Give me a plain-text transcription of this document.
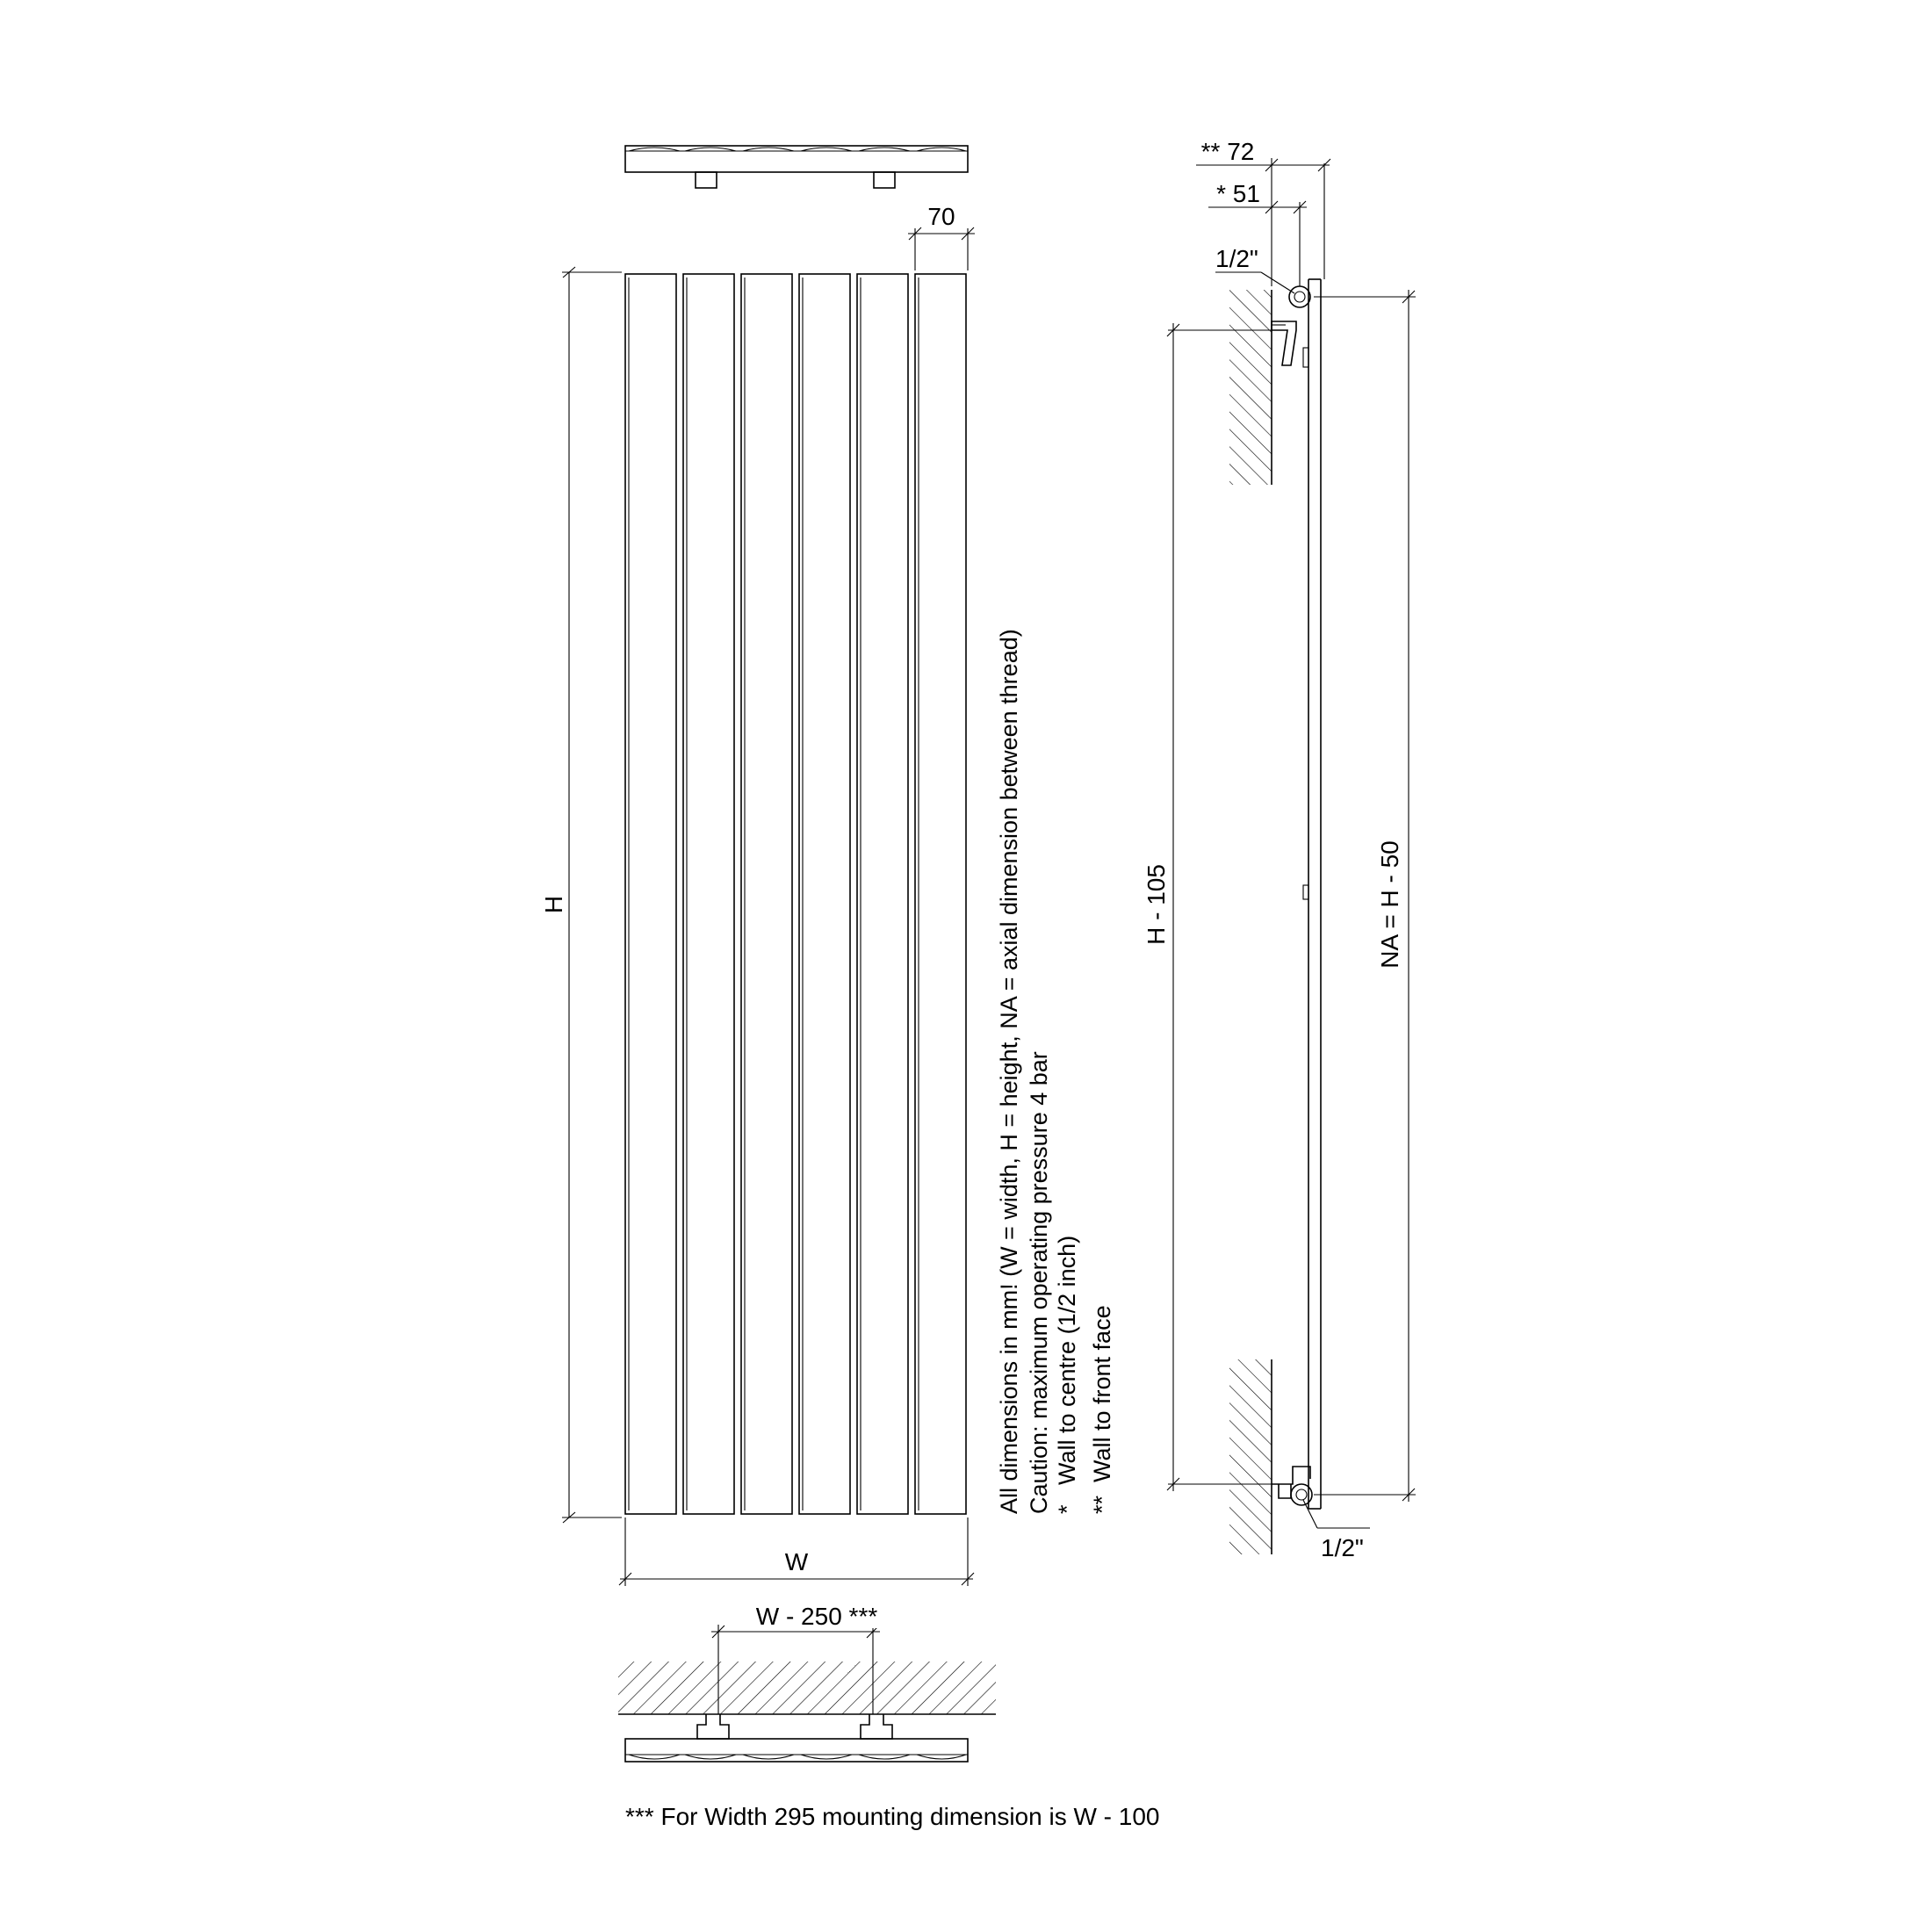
H
W
70
All dimensions in mm! (W = width, H = height, NA = axial dimension between thread) Caution: maximum operating pressure 4 bar *   Wall to centre (1/2 inch) **  Wall to front face
W - 250 ***
*** For Width 295 mounting dimension is W - 100
** 72
* 51
1/2"
1/2"
H - 105	NA = H - 50
